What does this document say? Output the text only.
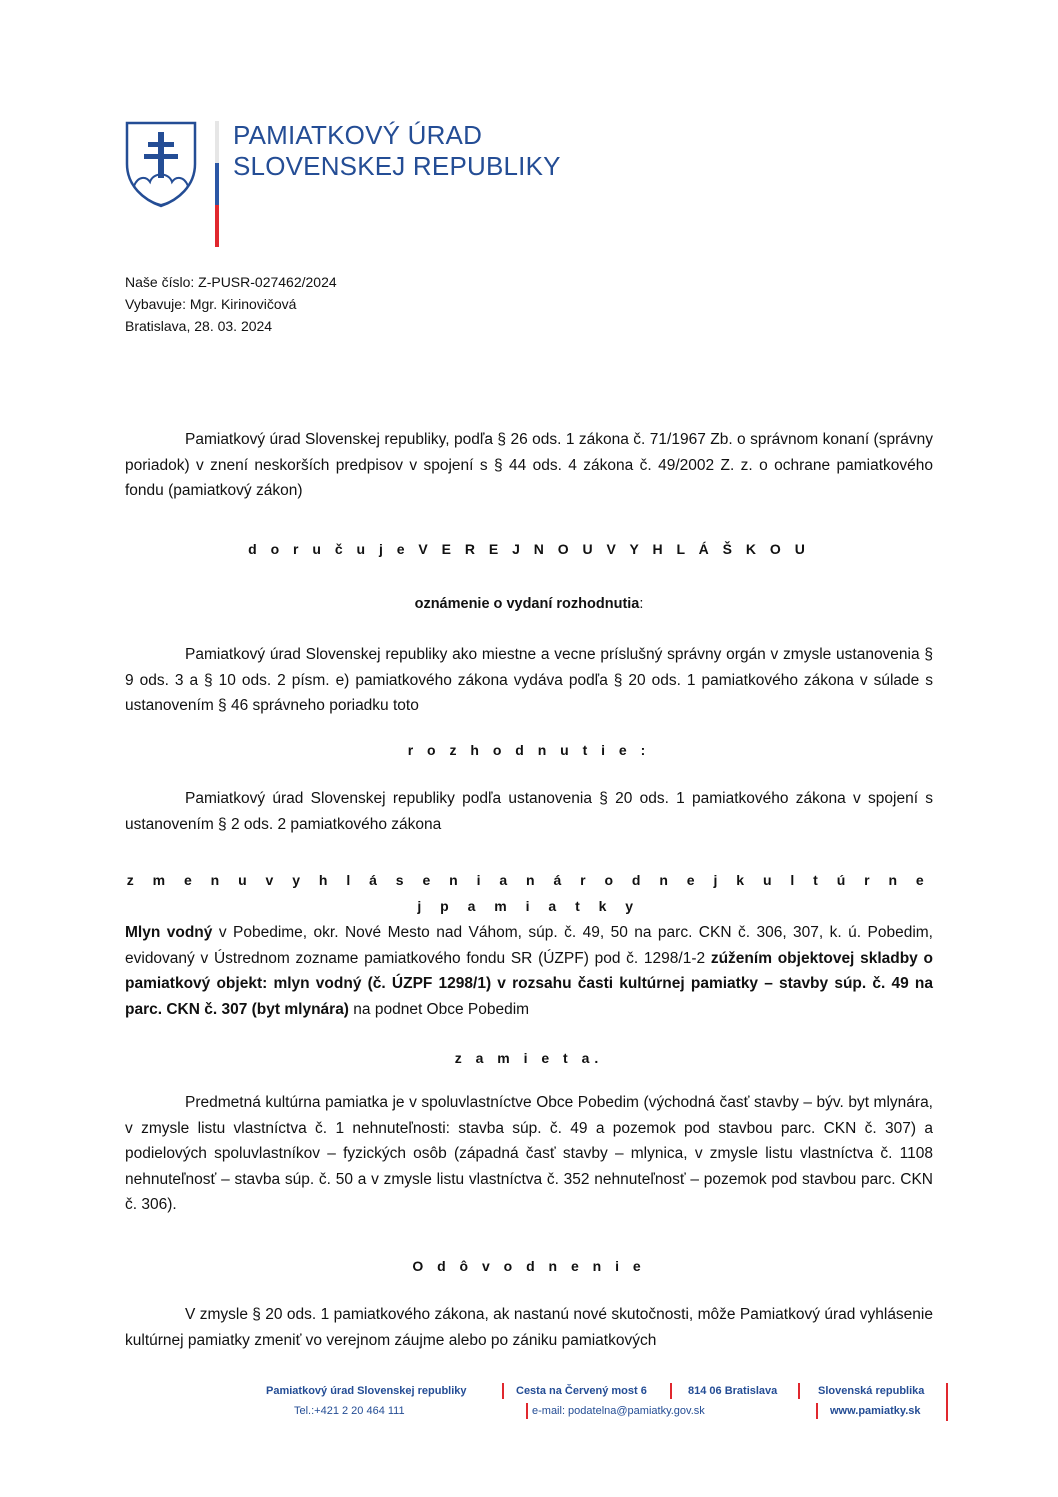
PAMIATKOVÝ ÚRAD
SLOVENSKEJ REPUBLIKY
Naše číslo: Z-PUSR-027462/2024
Vybavuje: Mgr. Kirinovičová
Bratislava, 28. 03. 2024
Pamiatkový úrad Slovenskej republiky, podľa § 26 ods. 1 zákona č. 71/1967 Zb. o správnom konaní (správny poriadok) v znení neskorších predpisov v spojení s § 44 ods. 4 zákona č. 49/2002 Z. z. o ochrane pamiatkového fondu (pamiatkový zákon)
d o r u č u j e V E R E J N O U V Y H L Á Š K O U
oznámenie o vydaní rozhodnutia:
Pamiatkový úrad Slovenskej republiky ako miestne a vecne príslušný správny orgán v zmysle ustanovenia § 9 ods. 3 a § 10 ods. 2 písm. e) pamiatkového zákona vydáva podľa § 20 ods. 1 pamiatkového zákona v súlade s ustanovením § 46 správneho poriadku toto
r o z h o d n u t i e :
Pamiatkový úrad Slovenskej republiky podľa ustanovenia § 20 ods. 1 pamiatkového zákona v spojení s ustanovením § 2 ods. 2 pamiatkového zákona
z m e n u v y h l á s e n i a n á r o d n e j k u l t ú r n e j p a m i a t k y
Mlyn vodný v Pobedime, okr. Nové Mesto nad Váhom, súp. č. 49, 50 na parc. CKN č. 306, 307, k. ú. Pobedim, evidovaný v Ústrednom zozname pamiatkového fondu SR (ÚZPF) pod č. 1298/1-2 zúžením objektovej skladby o pamiatkový objekt: mlyn vodný (č. ÚZPF 1298/1) v rozsahu časti kultúrnej pamiatky – stavby súp. č. 49 na parc. CKN č. 307 (byt mlynára) na podnet Obce Pobedim
z a m i e t a.
Predmetná kultúrna pamiatka je v spoluvlastníctve Obce Pobedim (východná časť stavby – býv. byt mlynára, v zmysle listu vlastníctva č. 1 nehnuteľnosti: stavba súp. č. 49 a pozemok pod stavbou parc. CKN č. 307) a podielových spoluvlastníkov – fyzických osôb (západná časť stavby – mlynica, v zmysle listu vlastníctva č. 1108 nehnuteľnosť – stavba súp. č. 50 a v zmysle listu vlastníctva č. 352 nehnuteľnosť – pozemok pod stavbou parc. CKN č. 306).
O d ô v o d n e n i e
V zmysle § 20 ods. 1 pamiatkového zákona, ak nastanú nové skutočnosti, môže Pamiatkový úrad vyhlásenie kultúrnej pamiatky zmeniť vo verejnom záujme alebo po zániku pamiatkových
Pamiatkový úrad Slovenskej republiky	Cesta na Červený most 6	814 06 Bratislava	Slovenská republika
Tel.:+421 2 20 464 111	e-mail: podatelna@pamiatky.gov.sk	www.pamiatky.sk
